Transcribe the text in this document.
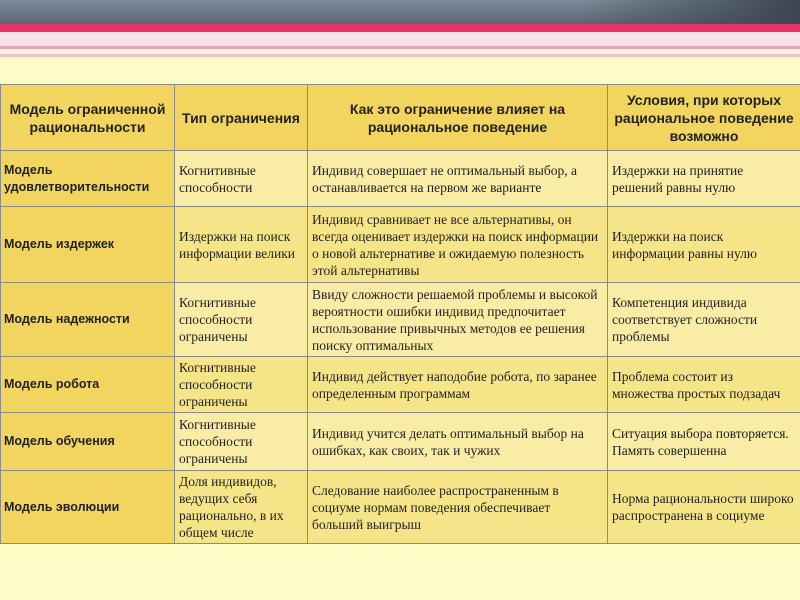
Модель ограниченной рациональности	Тип ограничения	Как это ограничение влияет на рациональное поведение	Условия, при которых рациональное поведение возможно
Модель удовлетворительности	Когнитивные способности	Индивид совершает не оптимальный выбор, а останавливается на первом же варианте	Издержки на принятие решений равны нулю
Модель издержек	Издержки на поиск информации велики	Индивид сравнивает не все альтернативы, он всегда оценивает издержки на поиск информации о новой альтернативе и ожидаемую полезность этой альтернативы	Издержки на поиск информации равны нулю
Модель надежности	Когнитивные способности ограничены	Ввиду сложности решаемой проблемы и высокой вероятности ошибки индивид предпочитает использование привычных методов ее решения поиску оптимальных	Компетенция индивида соответствует сложности проблемы
Модель робота	Когнитивные способности ограничены	Индивид действует наподобие робота, по заранее определенным программам	Проблема состоит из множества простых подзадач
Модель обучения	Когнитивные способности ограничены	Индивид учится делать оптимальный выбор на ошибках, как своих, так и чужих	Ситуация выбора повторяется. Память совершенна
Модель эволюции	Доля индивидов, ведущих себя рационально, в их общем числе	Следование наиболее распространенным в социуме нормам поведения обеспечивает больший выигрыш	Норма рациональности широко распространена в социуме
